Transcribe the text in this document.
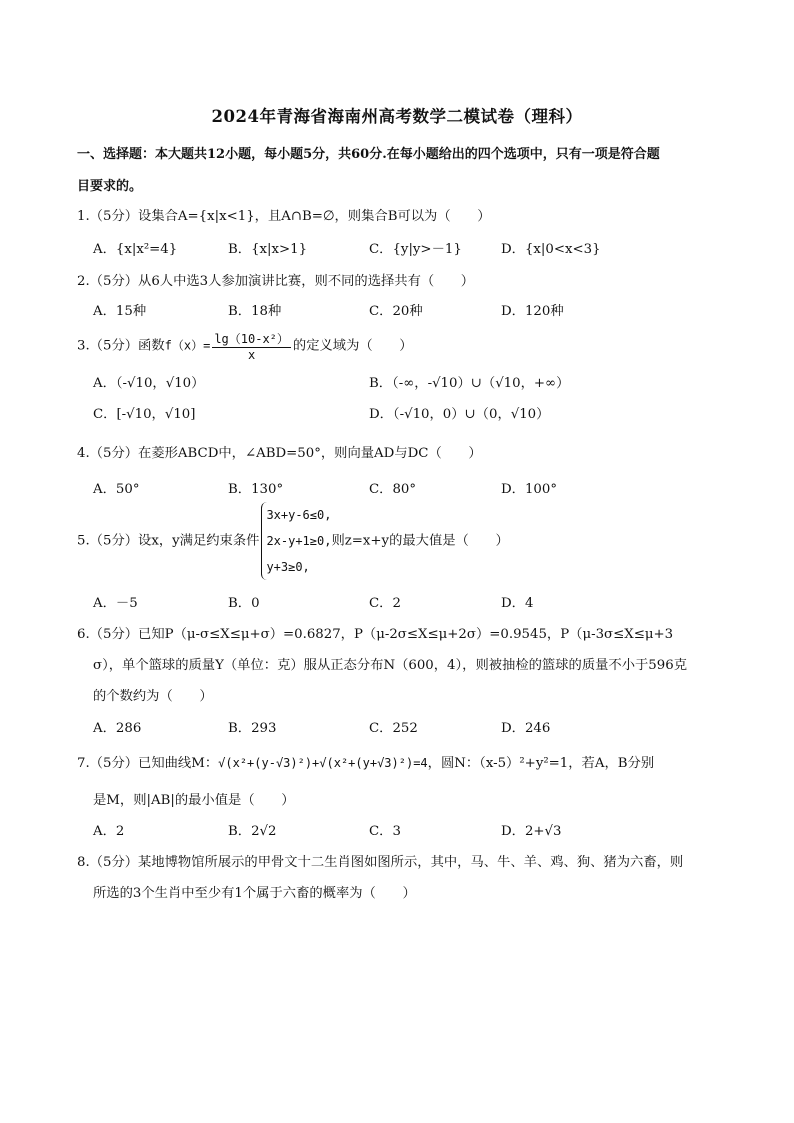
2024年青海省海南州高考数学二模试卷（理科）
一、选择题：本大题共12小题，每小题5分，共60分.在每小题给出的四个选项中，只有一项是符合题
目要求的。
1.（5分）设集合A={x|x<1}，且A∩B=∅，则集合B可以为（　　）
A．{x|x²=4}	B．{x|x>1}	C．{y|y>－1}	D．{x|0<x<3}
2.（5分）从6人中选3人参加演讲比赛，则不同的选择共有（　　）
A．15种	B．18种	C．20种	D．120种
3.（5分）函数$f(x)= \frac{\text{lg（10-x²）}}{x}$ 的定义域为（　　）
A．（-√10，√10）	B．（-∞，-√10）∪（√10，+∞）
C．[-√10，√10]	D．（-√10，0）∪（0，√10）
4.（5分）在菱形ABCD中，∠ABD=50°，则向量AD与DC（　　）
A．50°	B．130°	C．80°	D．100°
5.（5分）设x，y满足约束条件
3x+y-6≤0,
2x-y+1≥0,
y+3≥0,
则z=x+y的最大值是（　　）
A．－5	B．0	C．2	D．4
6.（5分）已知P（μ-σ≤X≤μ+σ）=0.6827，P（μ-2σ≤X≤μ+2σ）=0.9545，P（μ-3σ≤X≤μ+3
σ），单个篮球的质量Y（单位：克）服从正态分布N（600，4），则被抽检的篮球的质量不小于596克
的个数约为（　　）
A．286	B．293	C．252	D．246
7.（5分）已知曲线M：√(x²+(y-√3)²)+√(x²+(y+√3)²)=4，圆N：（x-5）²+y²=1，若A，B分别
是M，则|AB|的最小值是（　　）
A．2	B．2√2	C．3	D．2+√3
8.（5分）某地博物馆所展示的甲骨文十二生肖图如图所示，其中，马、牛、羊、鸡、狗、猪为六畜，则
所选的3个生肖中至少有1个属于六畜的概率为（　　）
